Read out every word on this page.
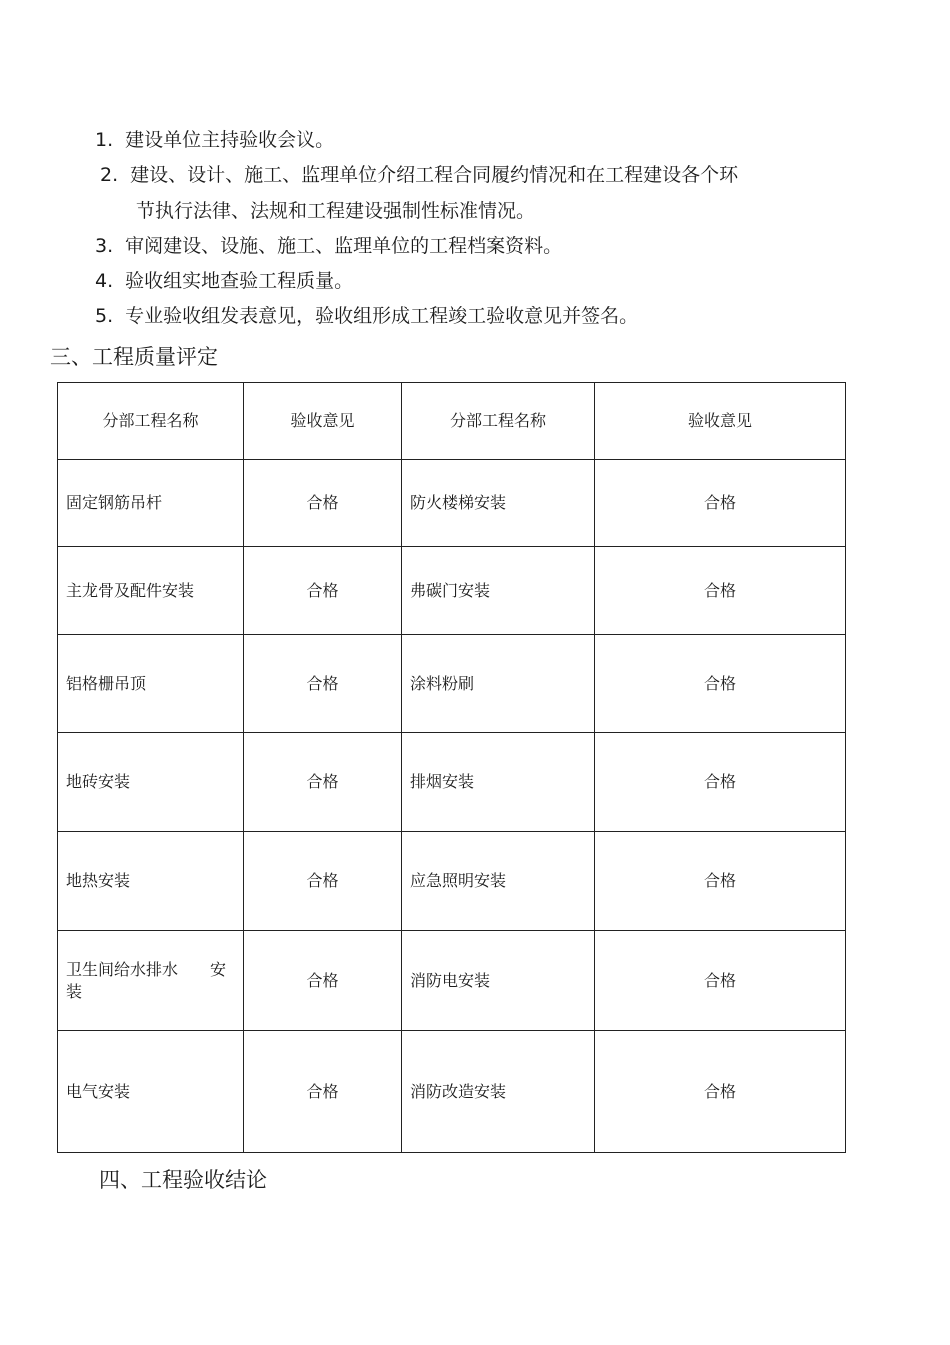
1. 建设单位主持验收会议。
2. 建设、设计、施工、监理单位介绍工程合同履约情况和在工程建设各个环
节执行法律、法规和工程建设强制性标准情况。
3. 审阅建设、设施、施工、监理单位的工程档案资料。
4. 验收组实地查验工程质量。
5. 专业验收组发表意见，验收组形成工程竣工验收意见并签名。
三、工程质量评定
分部工程名称	验收意见	分部工程名称	验收意见
固定钢筋吊杆	合格	防火楼梯安装	合格
主龙骨及配件安装	合格	弗碳门安装	合格
铝格栅吊顶	合格	涂料粉刷	合格
地砖安装	合格	排烟安装	合格
地热安装	合格	应急照明安装	合格
卫生间给水排水　　安装	合格	消防电安装	合格
电气安装	合格	消防改造安装	合格
四、工程验收结论
